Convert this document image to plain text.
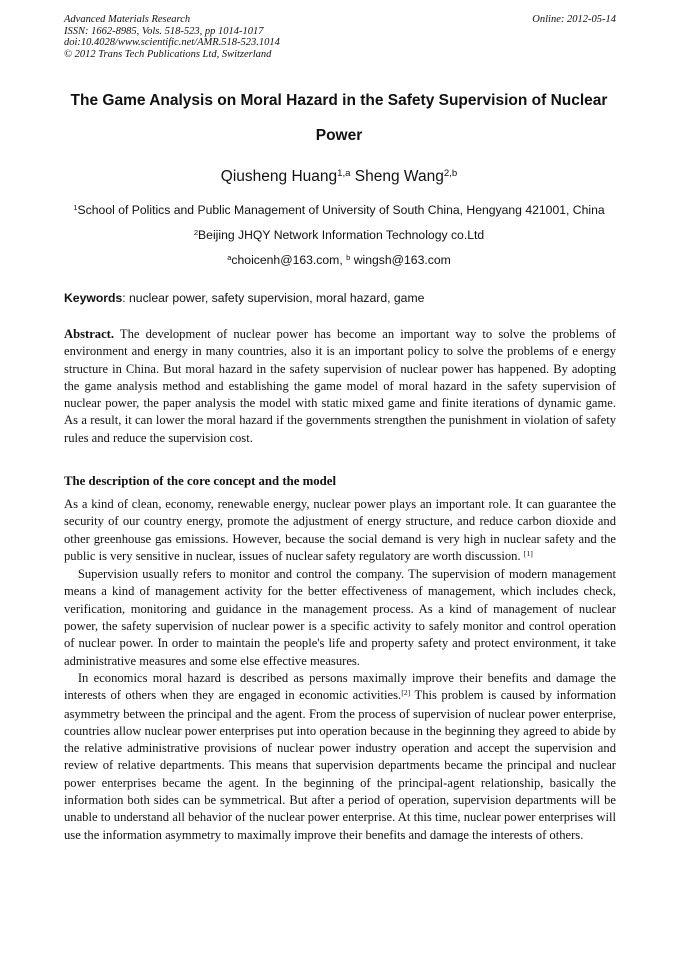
Advanced Materials Research
ISSN: 1662-8985, Vols. 518-523, pp 1014-1017
doi:10.4028/www.scientific.net/AMR.518-523.1014
© 2012 Trans Tech Publications Ltd, Switzerland
Online: 2012-05-14
The Game Analysis on Moral Hazard in the Safety Supervision of Nuclear
Power
Qiusheng Huang$^{1,a}$ Sheng Wang$^{2,b}$
$^1$School of Politics and Public Management of University of South China, Hengyang 421001, China
$^2$Beijing JHQY Network Information Technology co.Ltd
$^a$choicenh@163.com, $^b$ wingsh@163.com
Keywords: nuclear power, safety supervision, moral hazard, game

Abstract. The development of nuclear power has become an important way to solve the problems of environment and energy in many countries, also it is an important policy to solve the problems of e energy structure in China. But moral hazard in the safety supervision of nuclear power has happened. By adopting the game analysis method and establishing the game model of moral hazard in the safety supervision of nuclear power, the paper analysis the model with static mixed game and finite iterations of dynamic game. As a result, it can lower the moral hazard if the governments strengthen the punishment in violation of safety rules and reduce the supervision cost.

The description of the core concept and the model

As a kind of clean, economy, renewable energy, nuclear power plays an important role. It can guarantee the security of our country energy, promote the adjustment of energy structure, and reduce carbon dioxide and other greenhouse gas emissions. However, because the social demand is very high in nuclear safety and the public is very sensitive in nuclear, issues of nuclear safety regulatory are worth discussion. [1]

Supervision usually refers to monitor and control the company. The supervision of modern management means a kind of management activity for the better effectiveness of management, which includes check, verification, monitoring and guidance in the management process. As a kind of management of nuclear power, the safety supervision of nuclear power is a specific activity to safely monitor and control operation of nuclear power. In order to maintain the people's life and property safety and protect environment, it take administrative measures and some else effective measures.

In economics moral hazard is described as persons maximally improve their benefits and damage the interests of others when they are engaged in economic activities.[2] This problem is caused by information asymmetry between the principal and the agent. From the process of supervision of nuclear power enterprise, countries allow nuclear power enterprises put into operation because in the beginning they agreed to abide by the relative administrative provisions of nuclear power industry operation and accept the supervision and review of relative departments. This means that supervision departments became the principal and nuclear power enterprises became the agent. In the beginning of the principal-agent relationship, basically the information both sides can be symmetrical. But after a period of operation, supervision departments will be unable to understand all behavior of the nuclear power enterprise. At this time, nuclear power enterprises will use the information asymmetry to maximally improve their benefits and damage the interests of others.
